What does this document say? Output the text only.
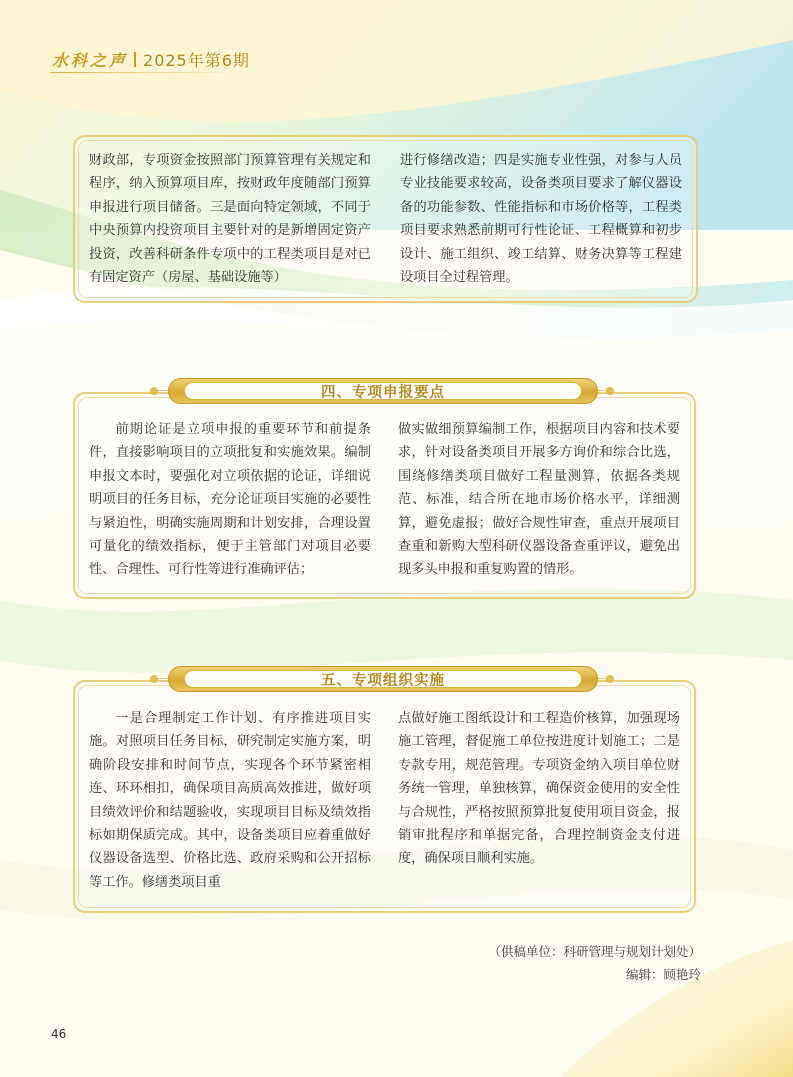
水科之声 2025年第6期
财政部，专项资金按照部门预算管理有关规定和程序，纳入预算项目库，按财政年度随部门预算申报进行项目储备。三是面向特定领域，不同于中央预算内投资项目主要针对的是新增固定资产投资，改善科研条件专项中的工程类项目是对已有固定资产（房屋、基础设施等）
进行修缮改造；四是实施专业性强，对参与人员专业技能要求较高，设备类项目要求了解仪器设备的功能参数、性能指标和市场价格等，工程类项目要求熟悉前期可行性论证、工程概算和初步设计、施工组织、竣工结算、财务决算等工程建设项目全过程管理。
四、专项申报要点
前期论证是立项申报的重要环节和前提条件，直接影响项目的立项批复和实施效果。编制申报文本时，要强化对立项依据的论证，详细说明项目的任务目标，充分论证项目实施的必要性与紧迫性，明确实施周期和计划安排，合理设置可量化的绩效指标，便于主管部门对项目必要性、合理性、可行性等进行准确评估；
做实做细预算编制工作，根据项目内容和技术要求，针对设备类项目开展多方询价和综合比选，围绕修缮类项目做好工程量测算，依据各类规范、标准，结合所在地市场价格水平，详细测算，避免虚报；做好合规性审查，重点开展项目查重和新购大型科研仪器设备查重评议，避免出现多头申报和重复购置的情形。
五、专项组织实施
一是合理制定工作计划、有序推进项目实施。对照项目任务目标，研究制定实施方案，明确阶段安排和时间节点，实现各个环节紧密相连、环环相扣，确保项目高质高效推进，做好项目绩效评价和结题验收，实现项目目标及绩效指标如期保质完成。其中，设备类项目应着重做好仪器设备选型、价格比选、政府采购和公开招标等工作。修缮类项目重
点做好施工图纸设计和工程造价核算，加强现场施工管理，督促施工单位按进度计划施工；二是专款专用，规范管理。专项资金纳入项目单位财务统一管理，单独核算，确保资金使用的安全性与合规性，严格按照预算批复使用项目资金，报销审批程序和单据完备，合理控制资金支付进度，确保项目顺利实施。
（供稿单位：科研管理与规划计划处）
编辑：顾艳玲
46
